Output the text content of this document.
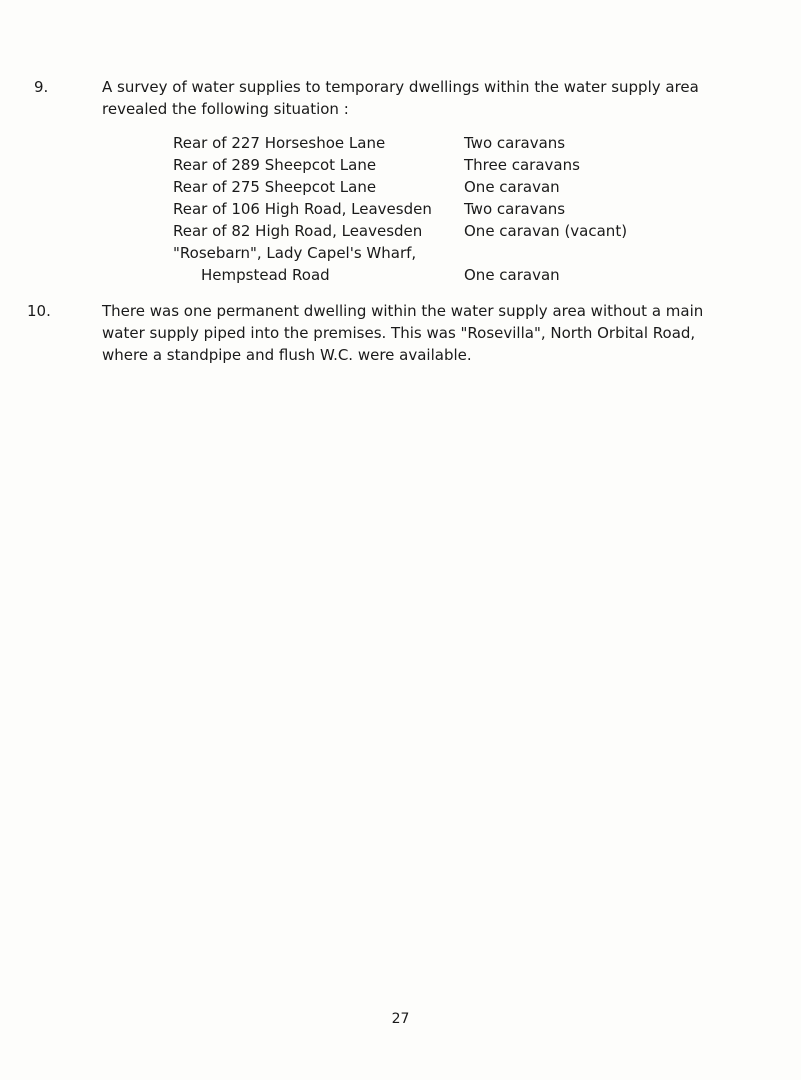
9.	A survey of water supplies to temporary dwellings within the water supply area revealed the following situation :

Rear of 227 Horseshoe Lane	Two caravans
Rear of 289 Sheepcot Lane	Three caravans
Rear of 275 Sheepcot Lane	One caravan
Rear of 106 High Road, Leavesden Two caravans
Rear of 82 High Road, Leavesden	One caravan (vacant)
"Rosebarn", Lady Capel's Wharf,
Hempstead Road	One caravan
10.	There was one permanent dwelling within the water supply area without a main water supply piped into the premises. This was "Rosevilla", North Orbital Road, where a standpipe and flush W.C. were available.

27
